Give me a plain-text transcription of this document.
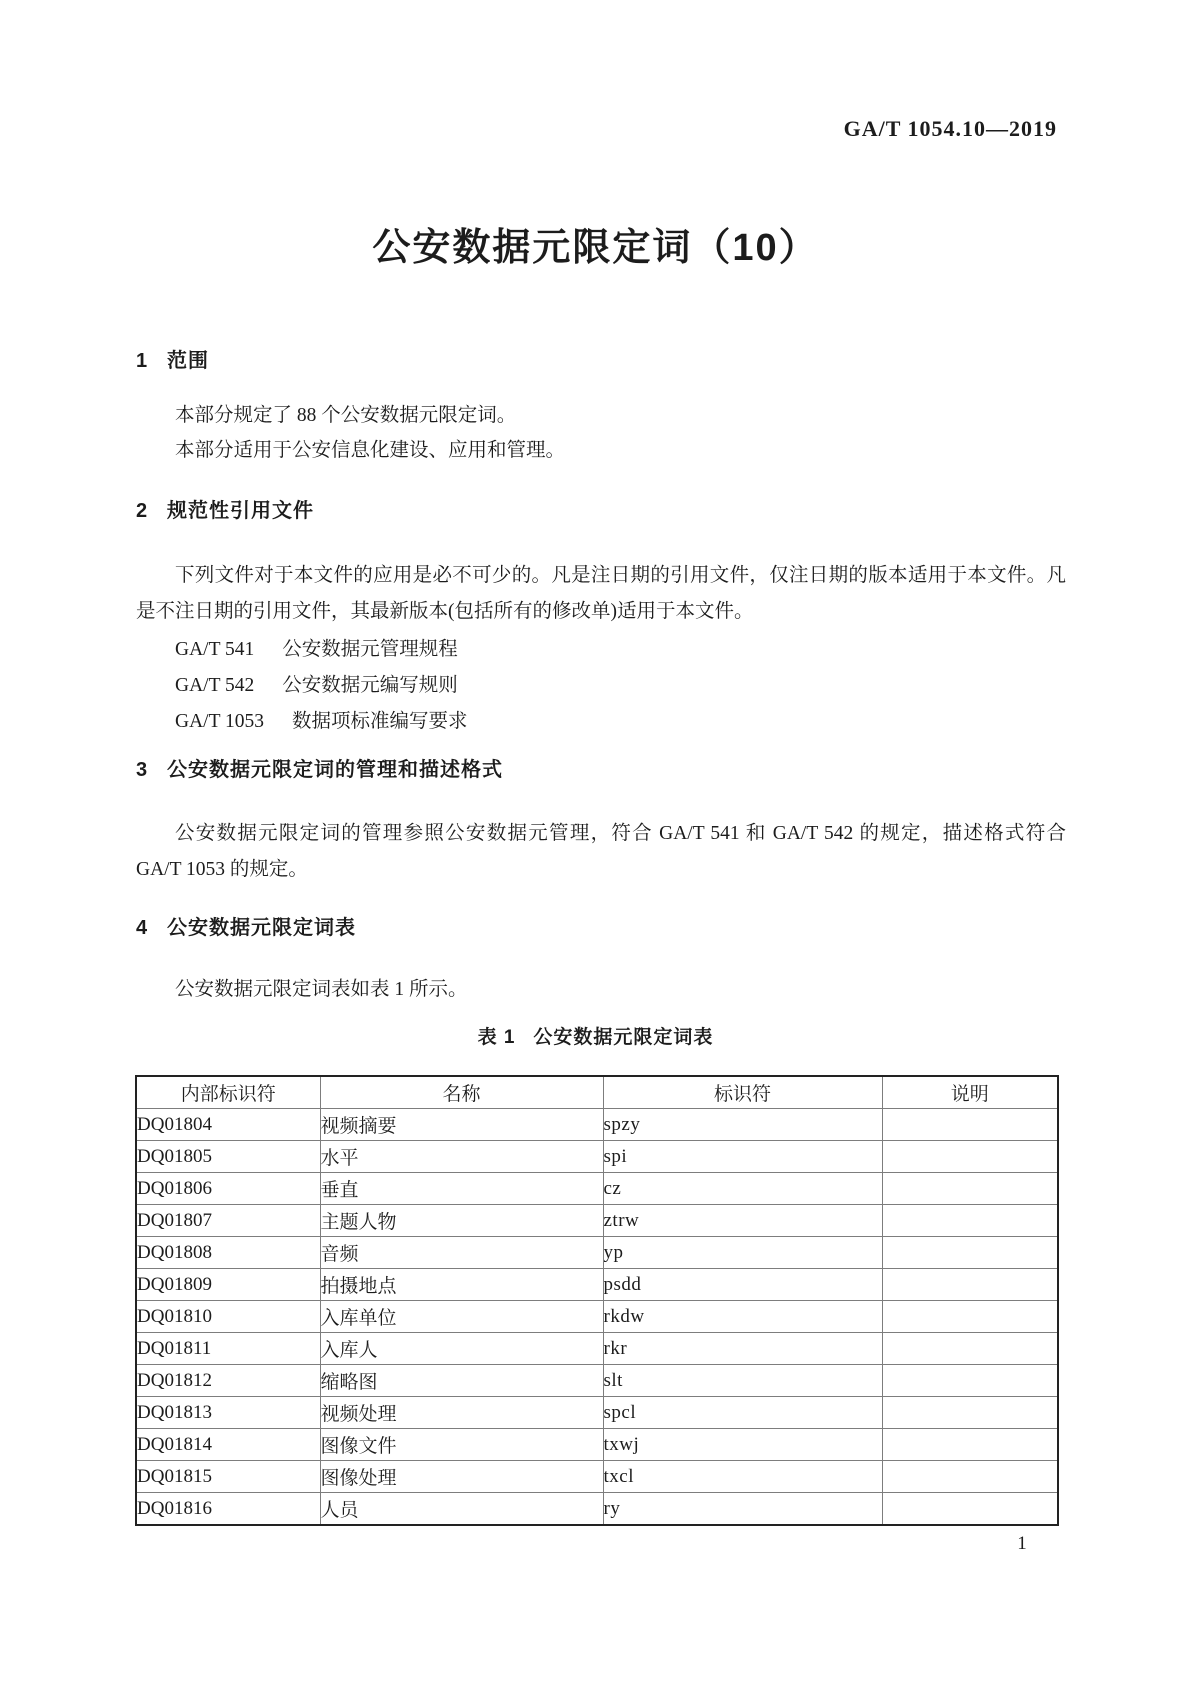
GA/T 1054.10—2019
公安数据元限定词（10）
1 范围
本部分规定了 88 个公安数据元限定词。
本部分适用于公安信息化建设、应用和管理。
2 规范性引用文件
下列文件对于本文件的应用是必不可少的。凡是注日期的引用文件，仅注日期的版本适用于本文件。凡是不注日期的引用文件，其最新版本(包括所有的修改单)适用于本文件。
GA/T 541 公安数据元管理规程
GA/T 542 公安数据元编写规则
GA/T 1053 数据项标准编写要求
3 公安数据元限定词的管理和描述格式
公安数据元限定词的管理参照公安数据元管理，符合 GA/T 541 和 GA/T 542 的规定，描述格式符合 GA/T 1053 的规定。
4 公安数据元限定词表
公安数据元限定词表如表 1 所示。
表 1 公安数据元限定词表
内部标识符	名称	标识符	说明
DQ01804	视频摘要	spzy	
DQ01805	水平	spi	
DQ01806	垂直	cz	
DQ01807	主题人物	ztrw	
DQ01808	音频	yp	
DQ01809	拍摄地点	psdd	
DQ01810	入库单位	rkdw	
DQ01811	入库人	rkr	
DQ01812	缩略图	slt	
DQ01813	视频处理	spcl	
DQ01814	图像文件	txwj	
DQ01815	图像处理	txcl	
DQ01816	人员	ry	
1
